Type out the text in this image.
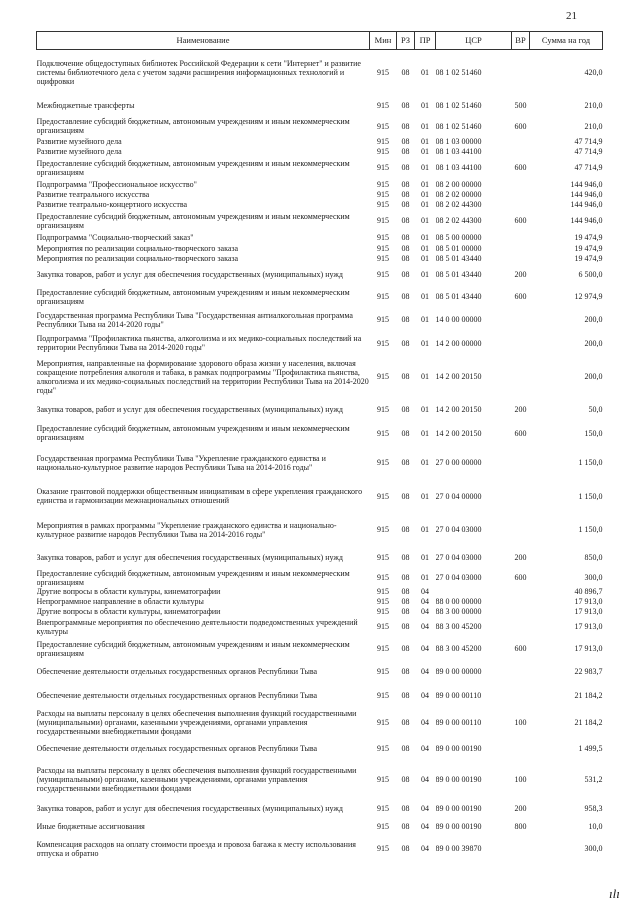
21
Наименование	Мин	РЗ	ПР	ЦСР	ВР	Сумма на год
Подключение общедоступных библиотек Российской Федерации к сети "Интернет" и развитие системы библиотечного дела с учетом задачи расширения информационных технологий и оцифровки	915	08	01	08 1 02 51460		420,0
Межбюджетные трансферты	915	08	01	08 1 02 51460	500	210,0
Предоставление субсидий бюджетным, автономным учреждениям и иным некоммерческим организациям	915	08	01	08 1 02 51460	600	210,0
Развитие музейного дела	915	08	01	08 1 03 00000		47 714,9
Развитие музейного дела	915	08	01	08 1 03 44100		47 714,9
Предоставление субсидий бюджетным, автономным учреждениям и иным некоммерческим организациям	915	08	01	08 1 03 44100	600	47 714,9
Подпрограмма "Профессиональное искусство"	915	08	01	08 2 00 00000		144 946,0
Развитие театрального искусства	915	08	01	08 2 02 00000		144 946,0
Развитие театрально-концертного искусства	915	08	01	08 2 02 44300		144 946,0
Предоставление субсидий бюджетным, автономным учреждениям и иным некоммерческим организациям	915	08	01	08 2 02 44300	600	144 946,0
Подпрограмма "Социально-творческий заказ"	915	08	01	08 5 00 00000		19 474,9
Мероприятия по реализации социально-творческого заказа	915	08	01	08 5 01 00000		19 474,9
Мероприятия по реализации социально-творческого заказа	915	08	01	08 5 01 43440		19 474,9
Закупка товаров, работ и услуг для обеспечения государственных (муниципальных) нужд	915	08	01	08 5 01 43440	200	6 500,0
Предоставление субсидий бюджетным, автономным учреждениям и иным некоммерческим организациям	915	08	01	08 5 01 43440	600	12 974,9
Государственная программа Республики Тыва "Государственная антиалкогольная программа Республики Тыва на 2014-2020 годы"	915	08	01	14 0 00 00000		200,0
Подпрограмма "Профилактика пьянства, алкоголизма и их медико-социальных последствий на территории Республики Тыва на 2014-2020 годы"	915	08	01	14 2 00 00000		200,0
Мероприятия, направленные на формирование здорового образа жизни у населения, включая сокращение потребления алкоголя и табака, в рамках подпрограммы "Профилактика пьянства, алкоголизма и их медико-социальных последствий на территории Республики Тыва на 2014-2020 годы"	915	08	01	14 2 00 20150		200,0
Закупка товаров, работ и услуг для обеспечения государственных (муниципальных) нужд	915	08	01	14 2 00 20150	200	50,0
Предоставление субсидий бюджетным, автономным учреждениям и иным некоммерческим организациям	915	08	01	14 2 00 20150	600	150,0
Государственная программа Республики Тыва "Укрепление гражданского единства и национально-культурное развитие народов Республики Тыва на 2014-2016 годы"	915	08	01	27 0 00 00000		1 150,0
Оказание грантовой поддержки общественным инициативам в сфере укрепления гражданского единства и гармонизации межнациональных отношений	915	08	01	27 0 04 00000		1 150,0
Мероприятия в рамках программы "Укрепление гражданского единства и национально-культурное развитие народов Республики Тыва на 2014-2016 годы"	915	08	01	27 0 04 03000		1 150,0
Закупка товаров, работ и услуг для обеспечения государственных (муниципальных) нужд	915	08	01	27 0 04 03000	200	850,0
Предоставление субсидий бюджетным, автономным учреждениям и иным некоммерческим организациям	915	08	01	27 0 04 03000	600	300,0
Другие вопросы в области культуры, кинематографии	915	08	04			40 896,7
Непрограммное направление в области культуры	915	08	04	88 0 00 00000		17 913,0
Другие вопросы в области культуры, кинематографии	915	08	04	88 3 00 00000		17 913,0
Внепрограммные мероприятия по обеспечению деятельности подведомственных учреждений культуры	915	08	04	88 3 00 45200		17 913,0
Предоставление субсидий бюджетным, автономным учреждениям и иным некоммерческим организациям	915	08	04	88 3 00 45200	600	17 913,0
Обеспечение деятельности отдельных государственных органов Республики Тыва	915	08	04	89 0 00 00000		22 983,7
Обеспечение деятельности отдельных государственных органов Республики Тыва	915	08	04	89 0 00 00110		21 184,2
Расходы на выплаты персоналу в целях обеспечения выполнения функций государственными (муниципальными) органами, казенными учреждениями, органами управления государственными внебюджетными фондами	915	08	04	89 0 00 00110	100	21 184,2
Обеспечение деятельности отдельных государственных органов Республики Тыва	915	08	04	89 0 00 00190		1 499,5
Расходы на выплаты персоналу в целях обеспечения выполнения функций государственными (муниципальными) органами, казенными учреждениями, органами управления государственными внебюджетными фондами	915	08	04	89 0 00 00190	100	531,2
Закупка товаров, работ и услуг для обеспечения государственных (муниципальных) нужд	915	08	04	89 0 00 00190	200	958,3
Иные бюджетные ассигнования	915	08	04	89 0 00 00190	800	10,0
Компенсация расходов на оплату стоимости проезда и провоза багажа к месту использования отпуска и обратно	915	08	04	89 0 00 39870		300,0
ılı
